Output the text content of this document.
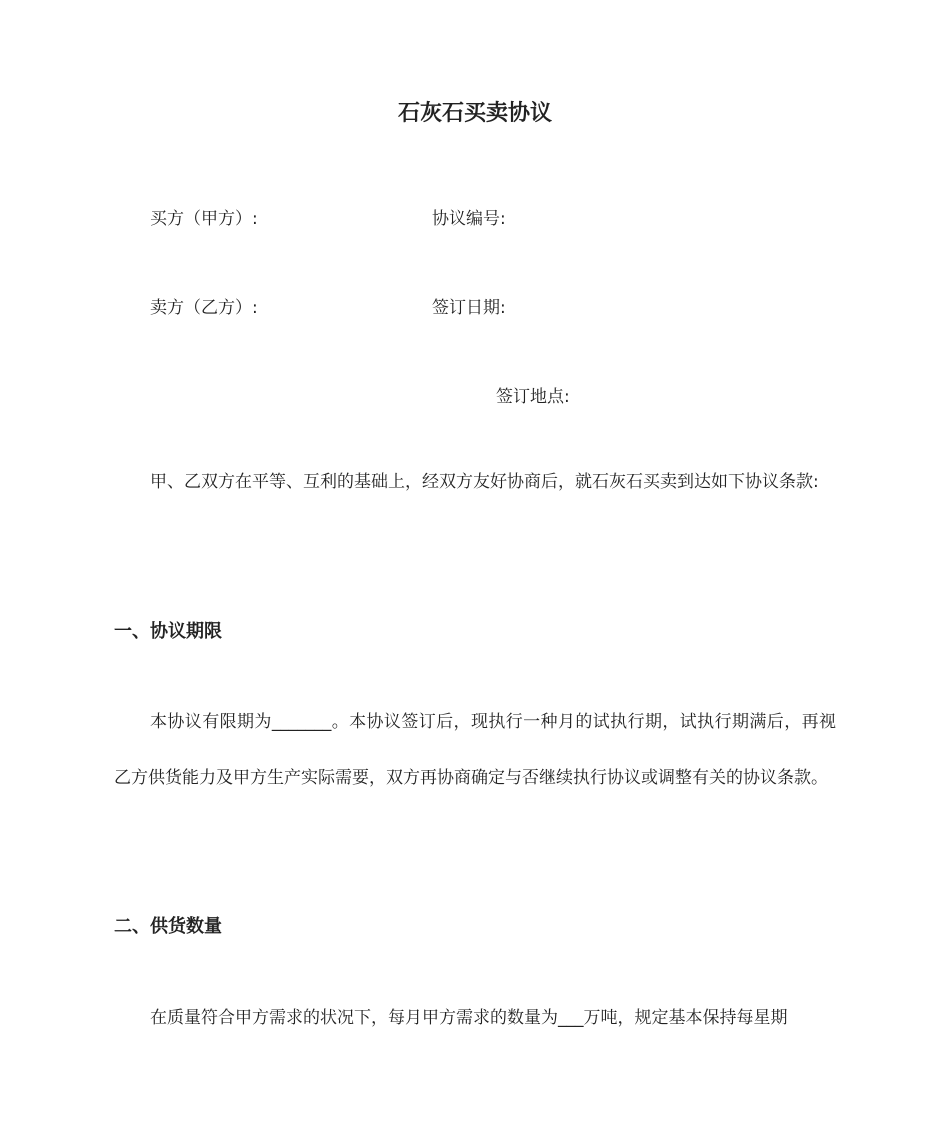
石灰石买卖协议
买方（甲方）:	协议编号:
卖方（乙方）:	签订日期:
签订地点:

甲、乙双方在平等、互利的基础上，经双方友好协商后，就石灰石买卖到达如下协议条款:

一、协议期限

本协议有限期为_______。本协议签订后，现执行一种月的试执行期，试执行期满后，再视乙方供货能力及甲方生产实际需要，双方再协商确定与否继续执行协议或调整有关的协议条款。

二、供货数量

在质量符合甲方需求的状况下，每月甲方需求的数量为___万吨，规定基本保持每星期
